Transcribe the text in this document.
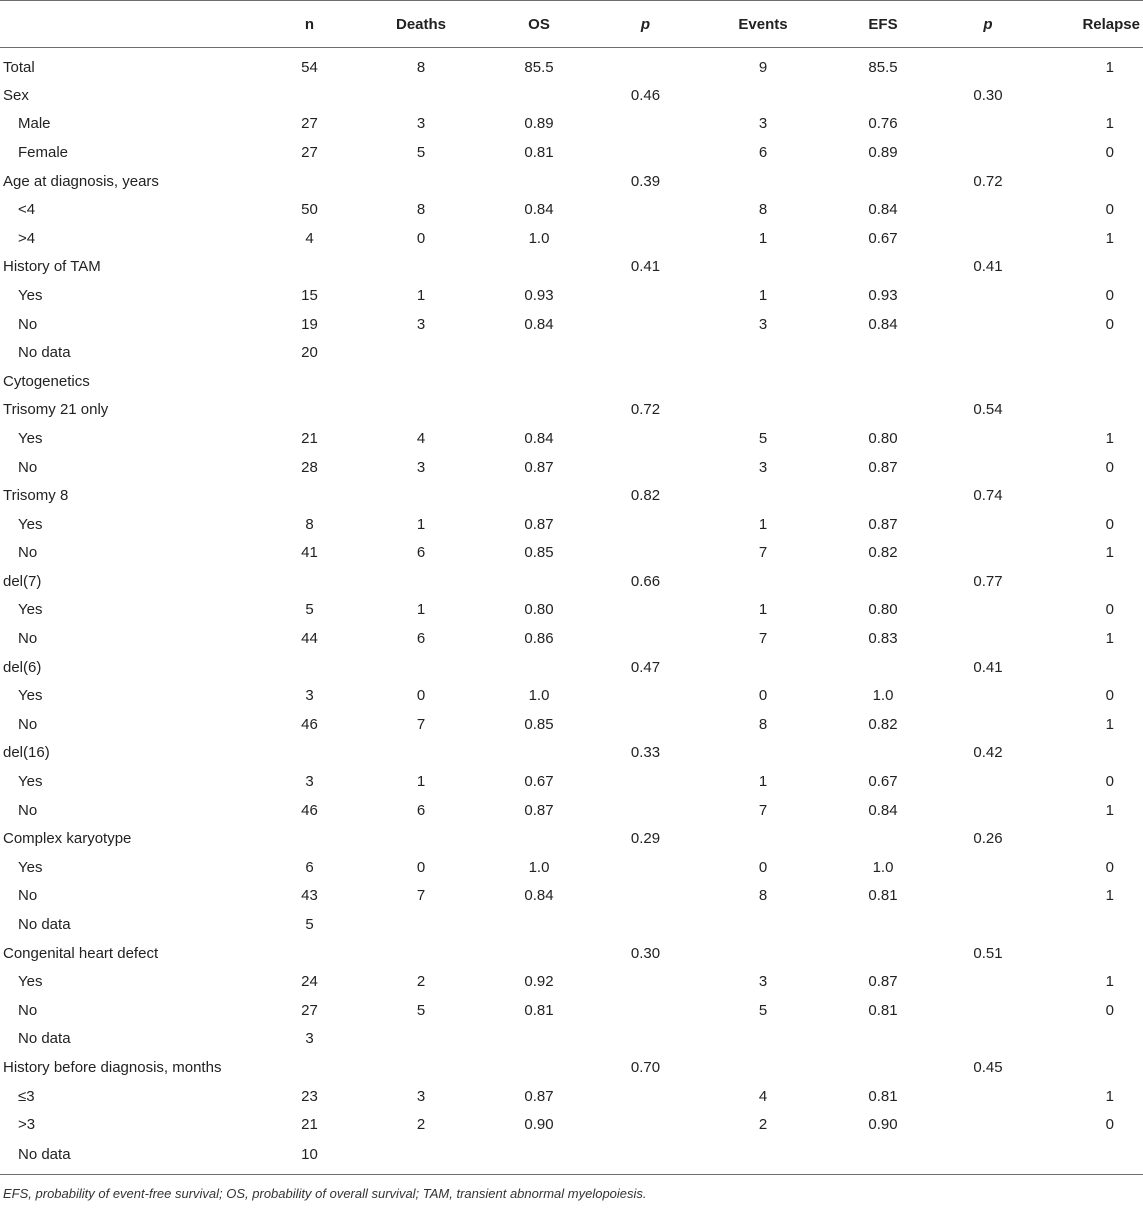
	n	Deaths	OS	p	Events	EFS	p	Relapse
Total	54	8	85.5		9	85.5		1
Sex				0.46			0.30	
Male	27	3	0.89		3	0.76		1
Female	27	5	0.81		6	0.89		0
Age at diagnosis, years				0.39			0.72	
<4	50	8	0.84		8	0.84		0
>4	4	0	1.0		1	0.67		1
History of TAM				0.41			0.41	
Yes	15	1	0.93		1	0.93		0
No	19	3	0.84		3	0.84		0
No data	20							
Cytogenetics								
Trisomy 21 only				0.72			0.54	
Yes	21	4	0.84		5	0.80		1
No	28	3	0.87		3	0.87		0
Trisomy 8				0.82			0.74	
Yes	8	1	0.87		1	0.87		0
No	41	6	0.85		7	0.82		1
del(7)				0.66			0.77	
Yes	5	1	0.80		1	0.80		0
No	44	6	0.86		7	0.83		1
del(6)				0.47			0.41	
Yes	3	0	1.0		0	1.0		0
No	46	7	0.85		8	0.82		1
del(16)				0.33			0.42	
Yes	3	1	0.67		1	0.67		0
No	46	6	0.87		7	0.84		1
Complex karyotype				0.29			0.26	
Yes	6	0	1.0		0	1.0		0
No	43	7	0.84		8	0.81		1
No data	5							
Congenital heart defect				0.30			0.51	
Yes	24	2	0.92		3	0.87		1
No	27	5	0.81		5	0.81		0
No data	3							
History before diagnosis, months				0.70			0.45	
≤3	23	3	0.87		4	0.81		1
>3	21	2	0.90		2	0.90		0
No data	10							
EFS, probability of event-free survival; OS, probability of overall survival; TAM, transient abnormal myelopoiesis.
